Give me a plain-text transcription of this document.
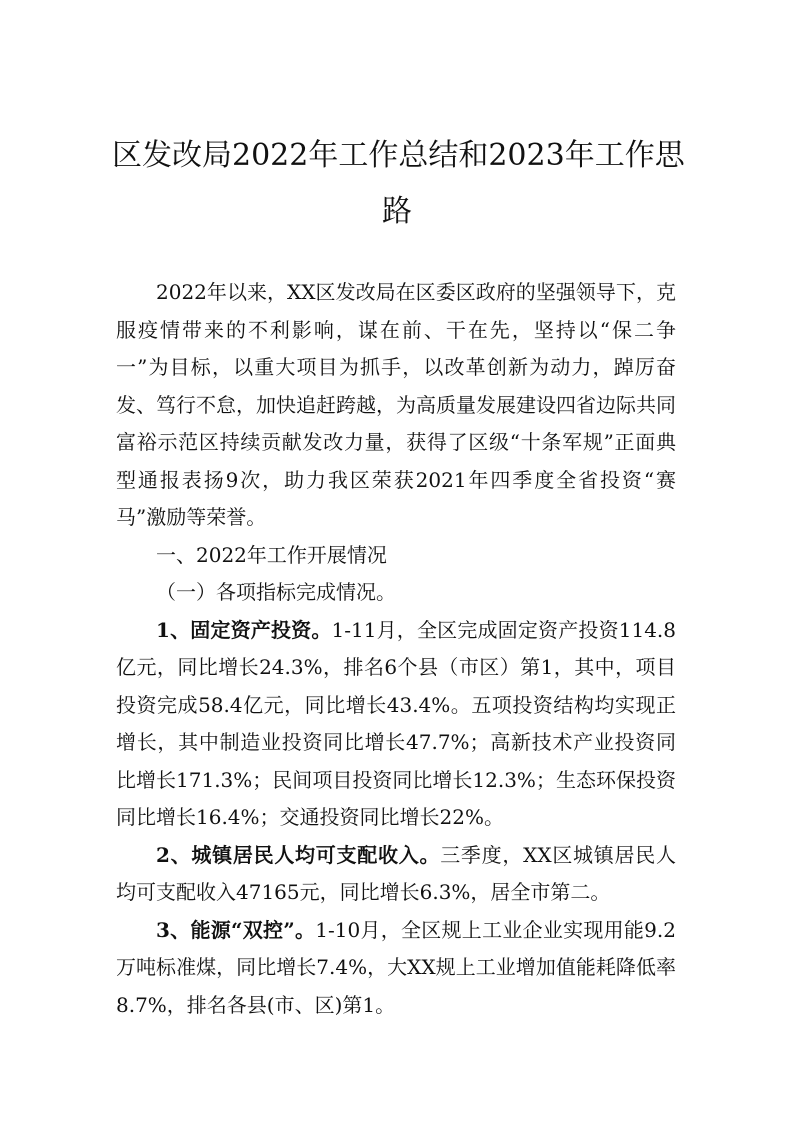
区发改局2022年工作总结和2023年工作思
路

2022年以来，XX区发改局在区委区政府的坚强领导下，克服疫情带来的不利影响，谋在前、干在先，坚持以“保二争一”为目标，以重大项目为抓手，以改革创新为动力，踔厉奋发、笃行不怠，加快追赶跨越，为高质量发展建设四省边际共同富裕示范区持续贡献发改力量，获得了区级“十条军规”正面典型通报表扬9次，助力我区荣获2021年四季度全省投资“赛马”激励等荣誉。

一、2022年工作开展情况

（一）各项指标完成情况。

1、固定资产投资。1-11月，全区完成固定资产投资114.8亿元，同比增长24.3%，排名6个县（市区）第1，其中，项目投资完成58.4亿元，同比增长43.4%。五项投资结构均实现正增长，其中制造业投资同比增长47.7%；高新技术产业投资同比增长171.3%；民间项目投资同比增长12.3%；生态环保投资同比增长16.4%；交通投资同比增长22%。

2、城镇居民人均可支配收入。三季度，XX区城镇居民人均可支配收入47165元，同比增长6.3%，居全市第二。

3、能源“双控”。1-10月，全区规上工业企业实现用能9.2万吨标准煤，同比增长7.4%，大XX规上工业增加值能耗降低率8.7%，排名各县(市、区)第1。
